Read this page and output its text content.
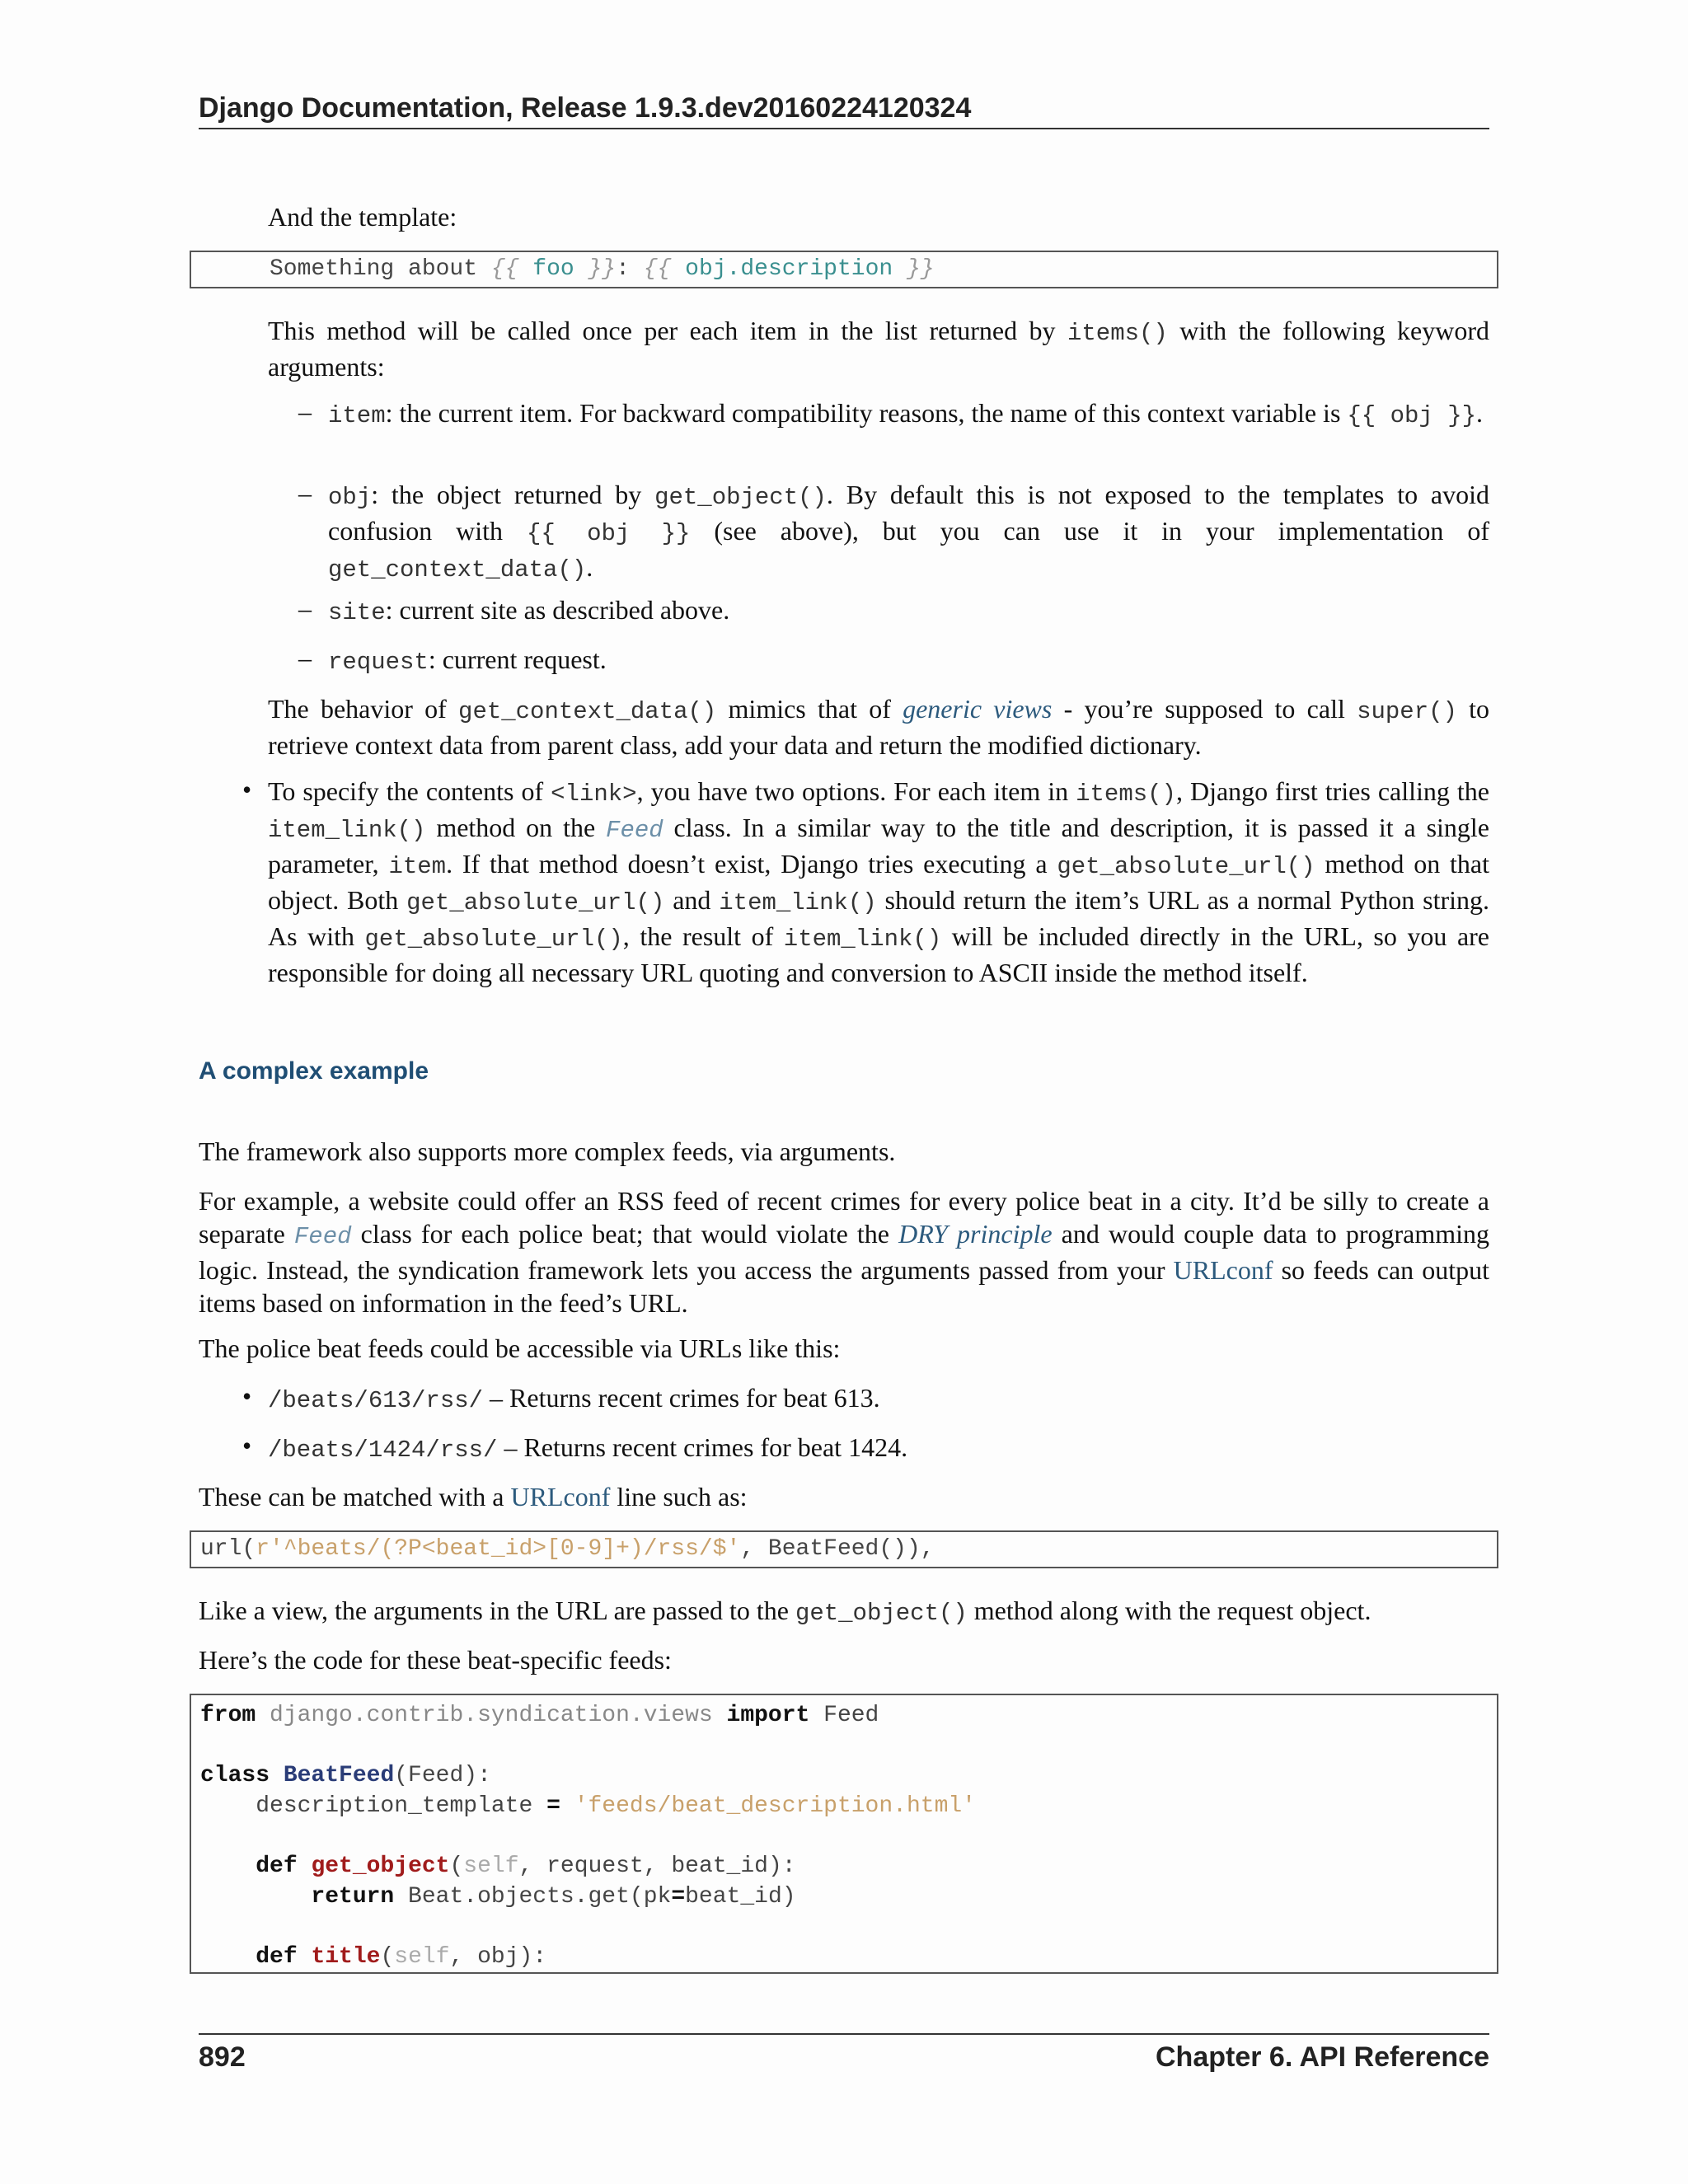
Django Documentation, Release 1.9.3.dev20160224120324
And the template:
Something about {{ foo }}: {{ obj.description }}
This method will be called once per each item in the list returned by items() with the following keyword arguments:
– item: the current item. For backward compatibility reasons, the name of this context variable is {{ obj }}.
– obj: the object returned by get_object(). By default this is not exposed to the templates to avoid confusion with {{ obj }} (see above), but you can use it in your implementation of get_context_data().
– site: current site as described above.
– request: current request.
The behavior of get_context_data() mimics that of generic views - you’re supposed to call super() to retrieve context data from parent class, add your data and return the modified dictionary.
• To specify the contents of <link>, you have two options. For each item in items(), Django first tries calling the item_link() method on the Feed class. In a similar way to the title and description, it is passed it a single parameter, item. If that method doesn’t exist, Django tries executing a get_absolute_url() method on that object. Both get_absolute_url() and item_link() should return the item’s URL as a normal Python string. As with get_absolute_url(), the result of item_link() will be included directly in the URL, so you are responsible for doing all necessary URL quoting and conversion to ASCII inside the method itself.
A complex example
The framework also supports more complex feeds, via arguments.
For example, a website could offer an RSS feed of recent crimes for every police beat in a city. It’d be silly to create a separate Feed class for each police beat; that would violate the DRY principle and would couple data to programming logic. Instead, the syndication framework lets you access the arguments passed from your URLconf so feeds can output items based on information in the feed’s URL.
The police beat feeds could be accessible via URLs like this:
• /beats/613/rss/ – Returns recent crimes for beat 613.
• /beats/1424/rss/ – Returns recent crimes for beat 1424.
These can be matched with a URLconf line such as:
url(r'^beats/(?P<beat_id>[0-9]+)/rss/$', BeatFeed()),
Like a view, the arguments in the URL are passed to the get_object() method along with the request object.
Here’s the code for these beat-specific feeds:
from django.contrib.syndication.views import Feed

class BeatFeed(Feed):
description_template = 'feeds/beat_description.html'

def get_object(self, request, beat_id):
return Beat.objects.get(pk=beat_id)

def title(self, obj):
892	Chapter 6. API Reference
